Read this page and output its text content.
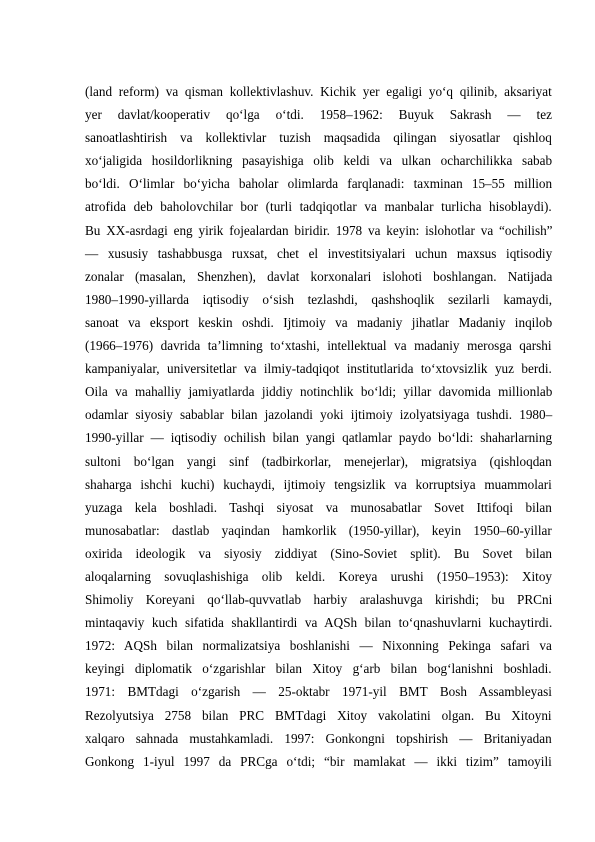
(land reform) va qisman kollektivlashuv. Kichik yer egaligi yo‘q qilinib, aksariyat
yer davlat/kooperativ qo‘lga o‘tdi. 1958–1962: Buyuk Sakrash — tez
sanoatlashtirish va kollektivlar tuzish maqsadida qilingan siyosatlar qishloq
xo‘jaligida hosildorlikning pasayishiga olib keldi va ulkan ocharchilikka sabab
bo‘ldi. O‘limlar bo‘yicha baholar olimlarda farqlanadi: taxminan 15–55 million
atrofida deb baholovchilar bor (turli tadqiqotlar va manbalar turlicha hisoblaydi).
Bu XX-asrdagi eng yirik fojealardan biridir. 1978 va keyin: islohotlar va “ochilish”
— xususiy tashabbusga ruxsat, chet el investitsiyalari uchun maxsus iqtisodiy
zonalar (masalan, Shenzhen), davlat korxonalari islohoti boshlangan. Natijada
1980–1990-yillarda iqtisodiy o‘sish tezlashdi, qashshoqlik sezilarli kamaydi,
sanoat va eksport keskin oshdi. Ijtimoiy va madaniy jihatlar Madaniy inqilob
(1966–1976) davrida ta’limning to‘xtashi, intellektual va madaniy merosga qarshi
kampaniyalar, universitetlar va ilmiy-tadqiqot institutlarida to‘xtovsizlik yuz berdi.
Oila va mahalliy jamiyatlarda jiddiy notinchlik bo‘ldi; yillar davomida millionlab
odamlar siyosiy sabablar bilan jazolandi yoki ijtimoiy izolyatsiyaga tushdi. 1980–
1990-yillar — iqtisodiy ochilish bilan yangi qatlamlar paydo bo‘ldi: shaharlarning
sultoni bo‘lgan yangi sinf (tadbirkorlar, menejerlar), migratsiya (qishloqdan
shaharga ishchi kuchi) kuchaydi, ijtimoiy tengsizlik va korruptsiya muammolari
yuzaga kela boshladi. Tashqi siyosat va munosabatlar Sovet Ittifoqi bilan
munosabatlar: dastlab yaqindan hamkorlik (1950-yillar), keyin 1950–60-yillar
oxirida ideologik va siyosiy ziddiyat (Sino-Soviet split). Bu Sovet bilan
aloqalarning sovuqlashishiga olib keldi. Koreya urushi (1950–1953): Xitoy
Shimoliy Koreyani qo‘llab-quvvatlab harbiy aralashuvga kirishdi; bu PRCni
mintaqaviy kuch sifatida shakllantirdi va AQSh bilan to‘qnashuvlarni kuchaytirdi.
1972: AQSh bilan normalizatsiya boshlanishi — Nixonning Pekinga safari va
keyingi diplomatik o‘zgarishlar bilan Xitoy g‘arb bilan bog‘lanishni boshladi.
1971: BMTdagi o‘zgarish — 25-oktabr 1971-yil BMT Bosh Assambleyasi
Rezolyutsiya 2758 bilan PRC BMTdagi Xitoy vakolatini olgan. Bu Xitoyni
xalqaro sahnada mustahkamladi. 1997: Gonkongni topshirish — Britaniyadan
Gonkong 1-iyul 1997 da PRCga o‘tdi; “bir mamlakat — ikki tizim” tamoyili
